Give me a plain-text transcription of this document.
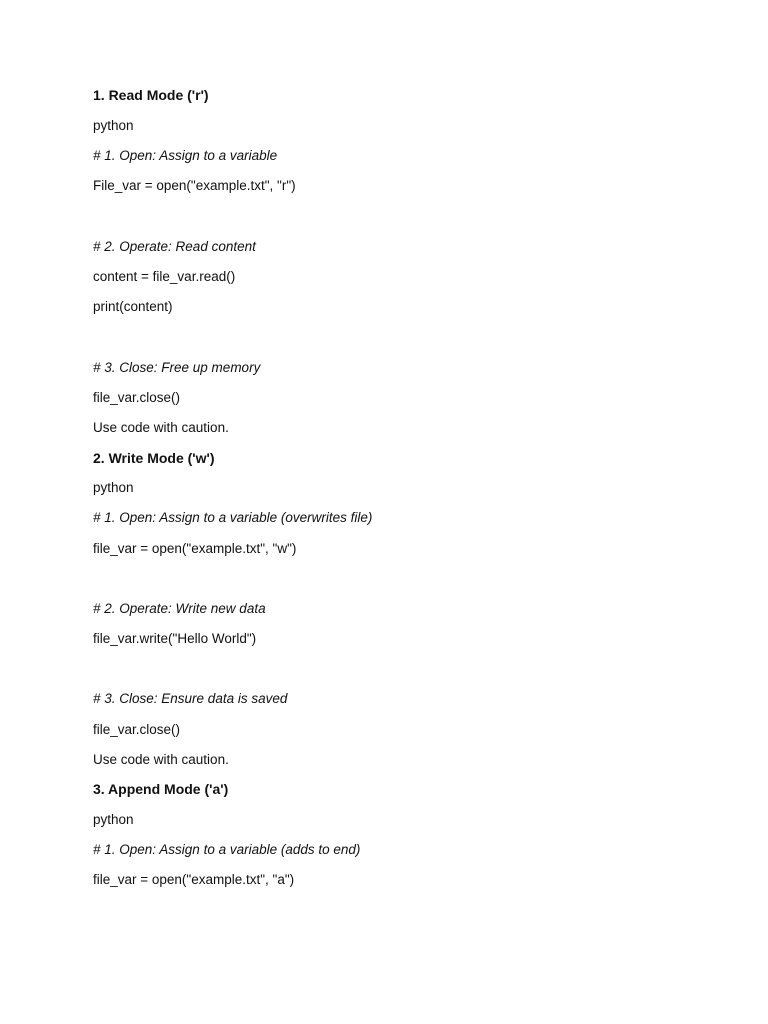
1. Read Mode ('r')
python
# 1. Open: Assign to a variable
File_var = open("example.txt", "r")
# 2. Operate: Read content
content = file_var.read()
print(content)
# 3. Close: Free up memory
file_var.close()
Use code with caution.
2. Write Mode ('w')
python
# 1. Open: Assign to a variable (overwrites file)
file_var = open("example.txt", "w")
# 2. Operate: Write new data
file_var.write("Hello World")
# 3. Close: Ensure data is saved
file_var.close()
Use code with caution.
3. Append Mode ('a')
python
# 1. Open: Assign to a variable (adds to end)
file_var = open("example.txt", "a")
